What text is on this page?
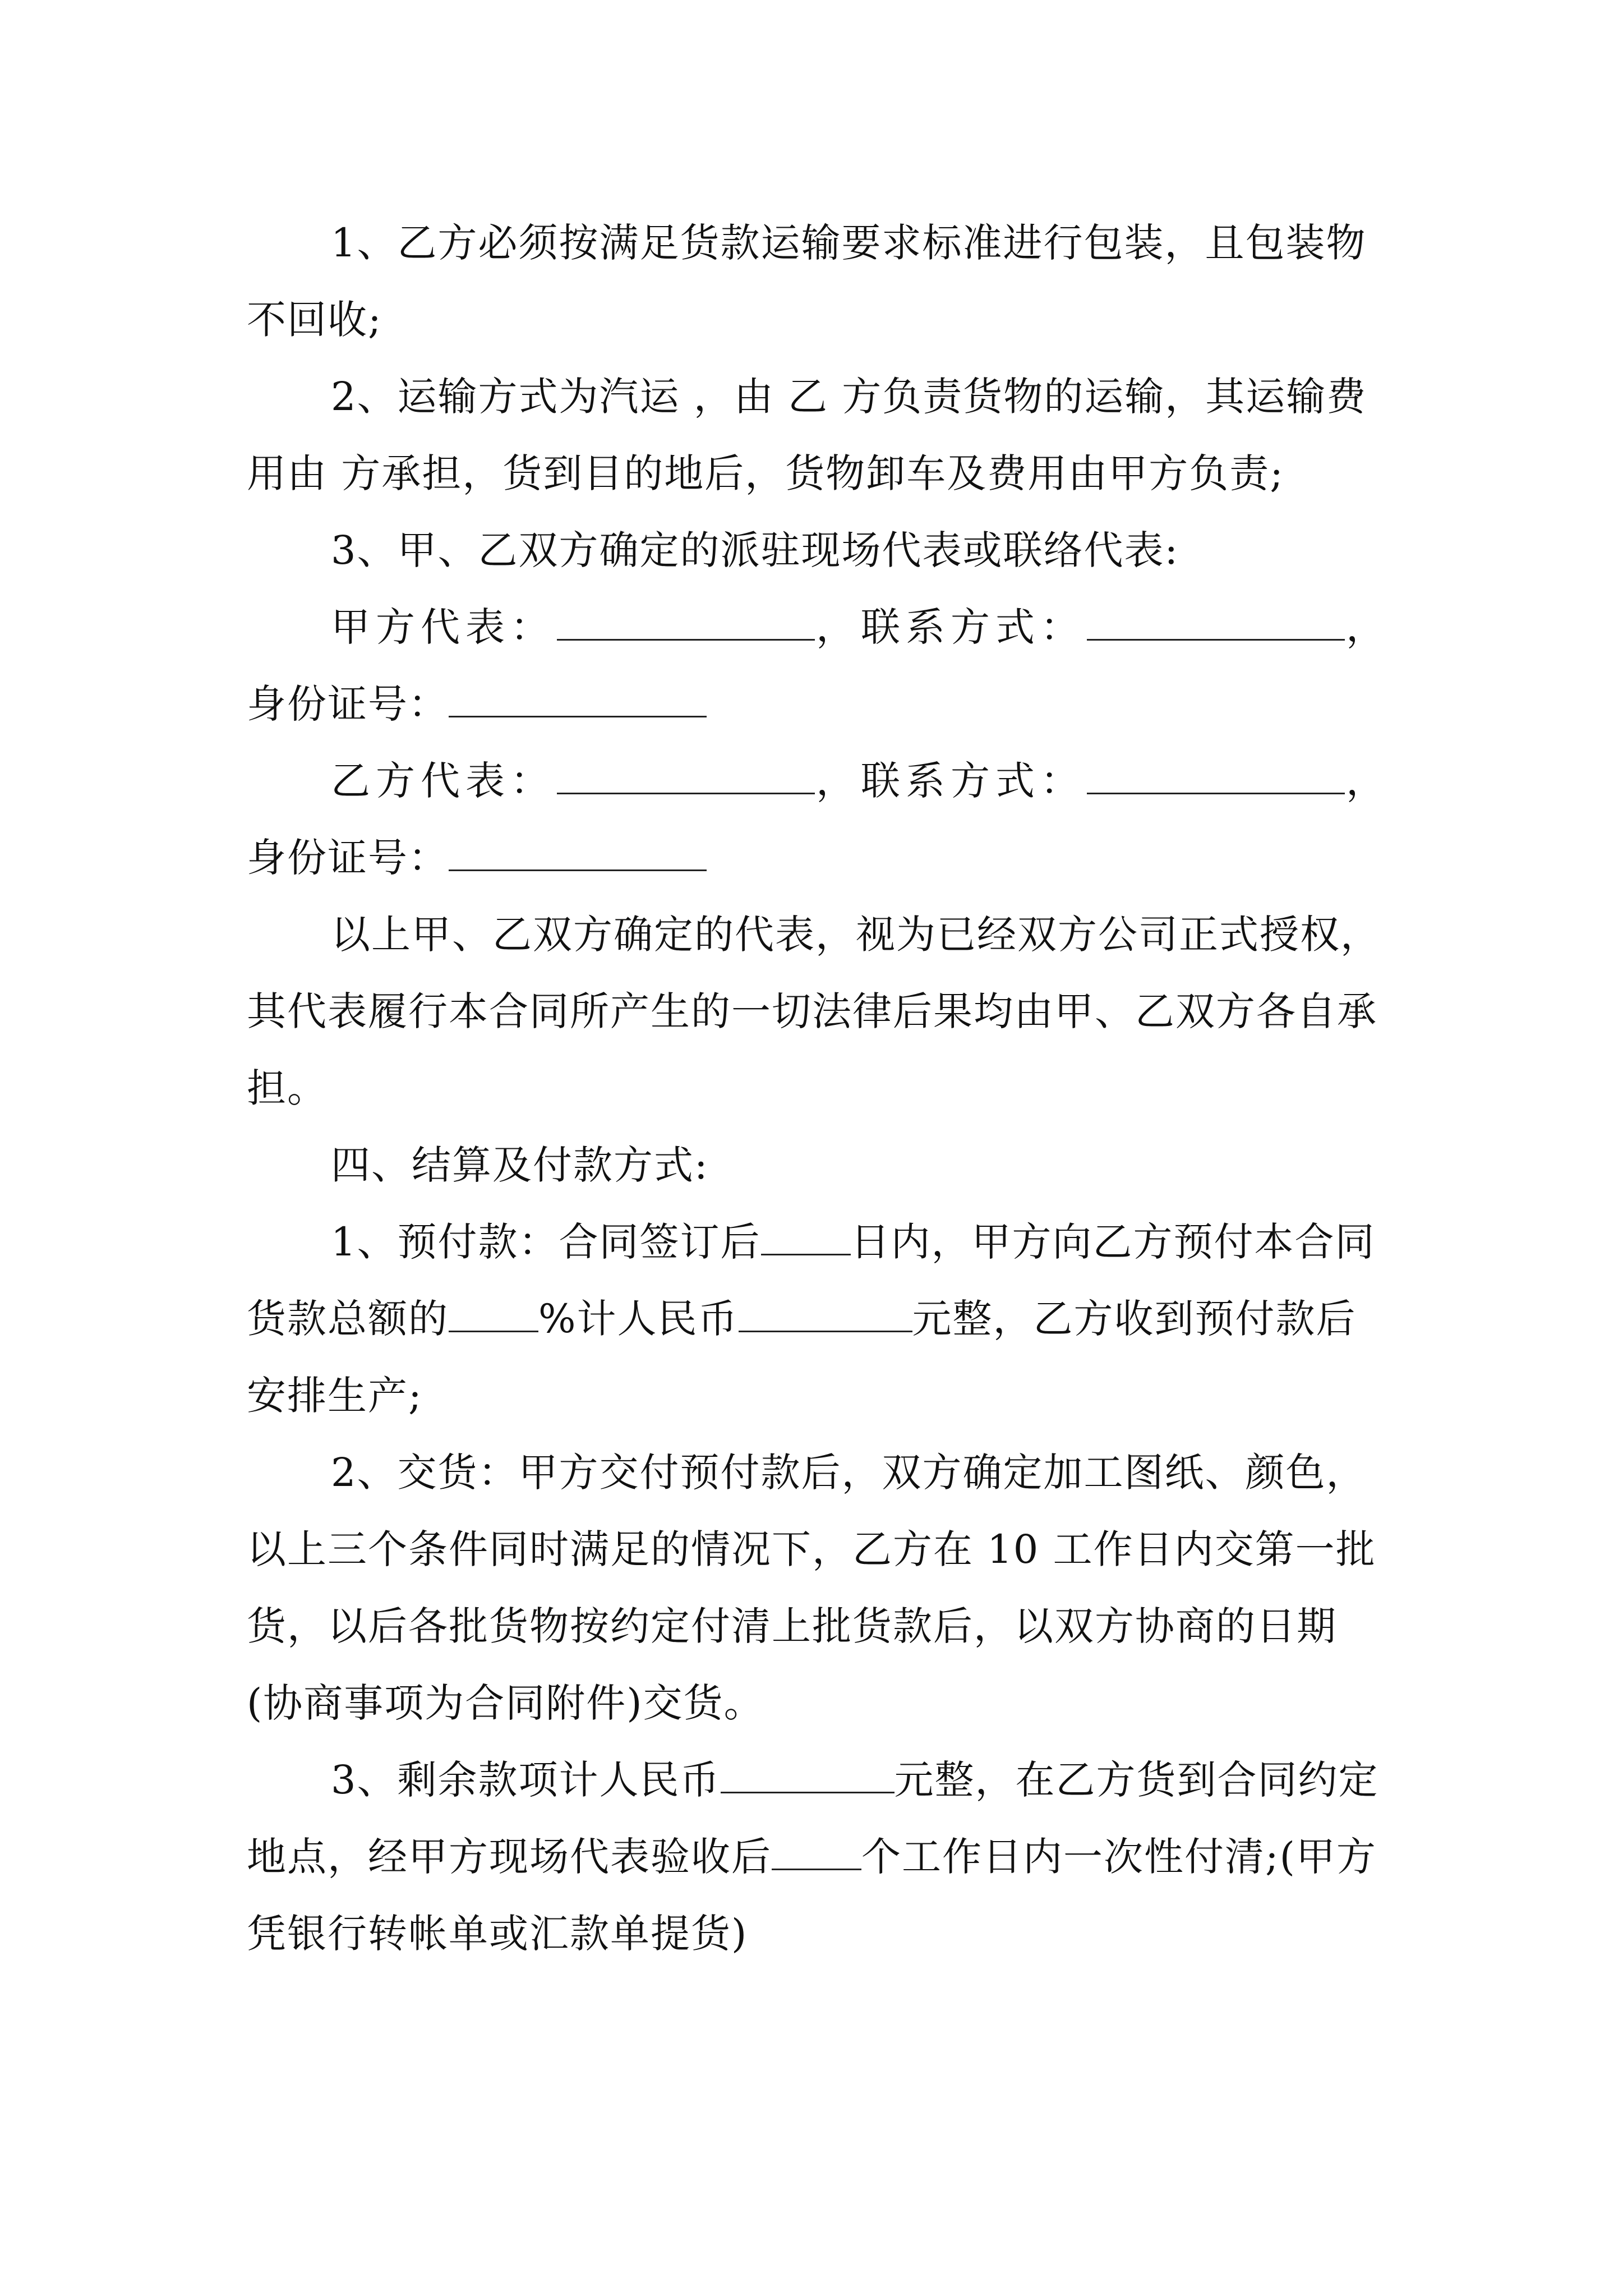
1、乙方必须按满足货款运输要求标准进行包装，且包装物不回收;

2、运输方式为汽运 ，由 乙 方负责货物的运输，其运输费用由 方承担，货到目的地后，货物卸车及费用由甲方负责;

3、甲、乙双方确定的派驻现场代表或联络代表:

甲方代表：	，联系方式：	，

身份证号：

乙方代表：	，联系方式：	，

身份证号：

以上甲、乙双方确定的代表，视为已经双方公司正式授权，其代表履行本合同所产生的一切法律后果均由甲、乙双方各自承担。

四、结算及付款方式:

1、预付款：合同签订后 日内，甲方向乙方预付本合同货款总额的 %计人民币	元整，乙方收到预付款后安排生产;

2、交货：甲方交付预付款后，双方确定加工图纸、颜色，以上三个条件同时满足的情况下，乙方在 10 工作日内交第一批货，以后各批货物按约定付清上批货款后，以双方协商的日期(协商事项为合同附件)交货。

3、剩余款项计人民币	元整，在乙方货到合同约定地点，经甲方现场代表验收后 个工作日内一次性付清;(甲方凭银行转帐单或汇款单提货)
